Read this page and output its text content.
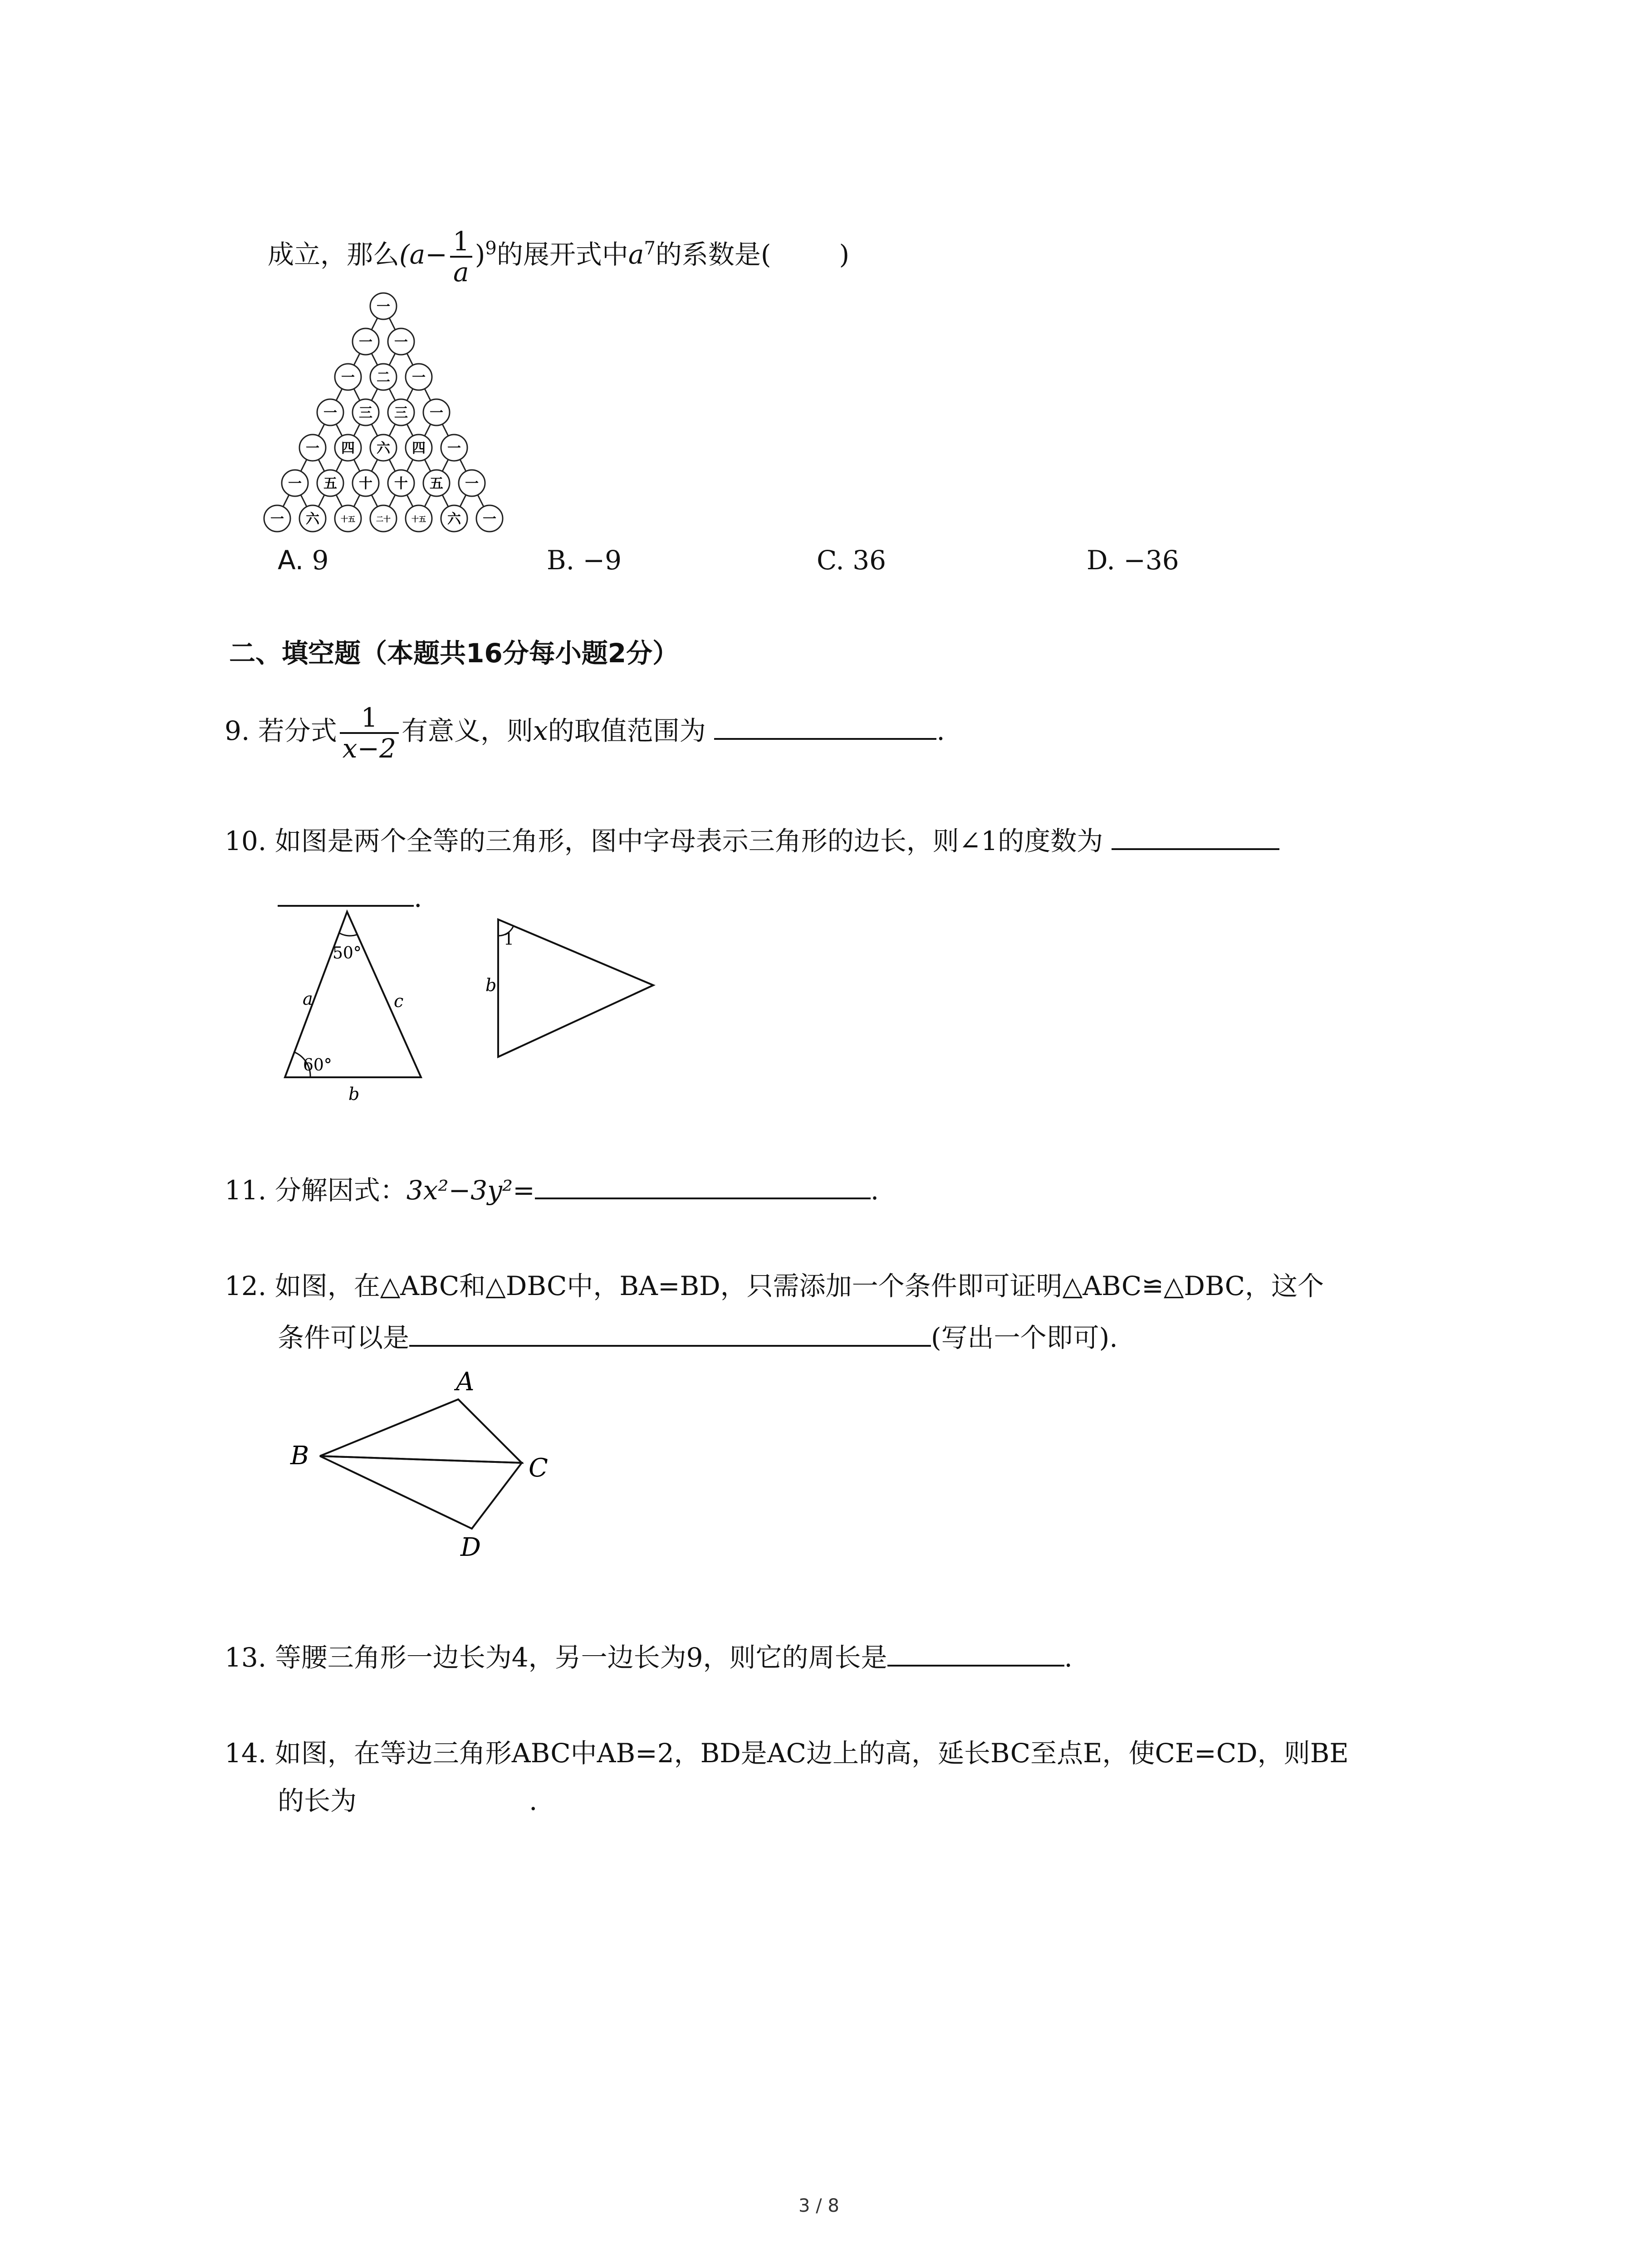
成立，那么$(a- \frac{1}{a} )^9$的展开式中$a^7$的系数是(	)
一
一 一
一 二 一
一 三 三 一
一 四 六 四 一
一 五 十 十 五 一
一 六	十五	二十	十五 六 一
A. 9	B. −9	C. 36	D. −36
二、填空题（本题共16分每小题2分）
9. 若分式 $\frac{1}{x-2}$ 有意义，则x的取值范围为	.
10. 如图是两个全等的三角形，图中字母表示三角形的边长，则∠1的度数为
.
50°
60°
a	c
b
1
b
11. 分解因式：3x²−3y²=	.
12. 如图，在△ABC和△DBC中，BA=BD，只需添加一个条件即可证明△ABC≌△DBC，这个
条件可以是	(写出一个即可).
A
B	C
D
13. 等腰三角形一边长为4，另一边长为9，则它的周长是	.
14. 如图，在等边三角形ABC中AB=2，BD是AC边上的高，延长BC至点E，使CE=CD，则BE
的长为	.
3 / 8
